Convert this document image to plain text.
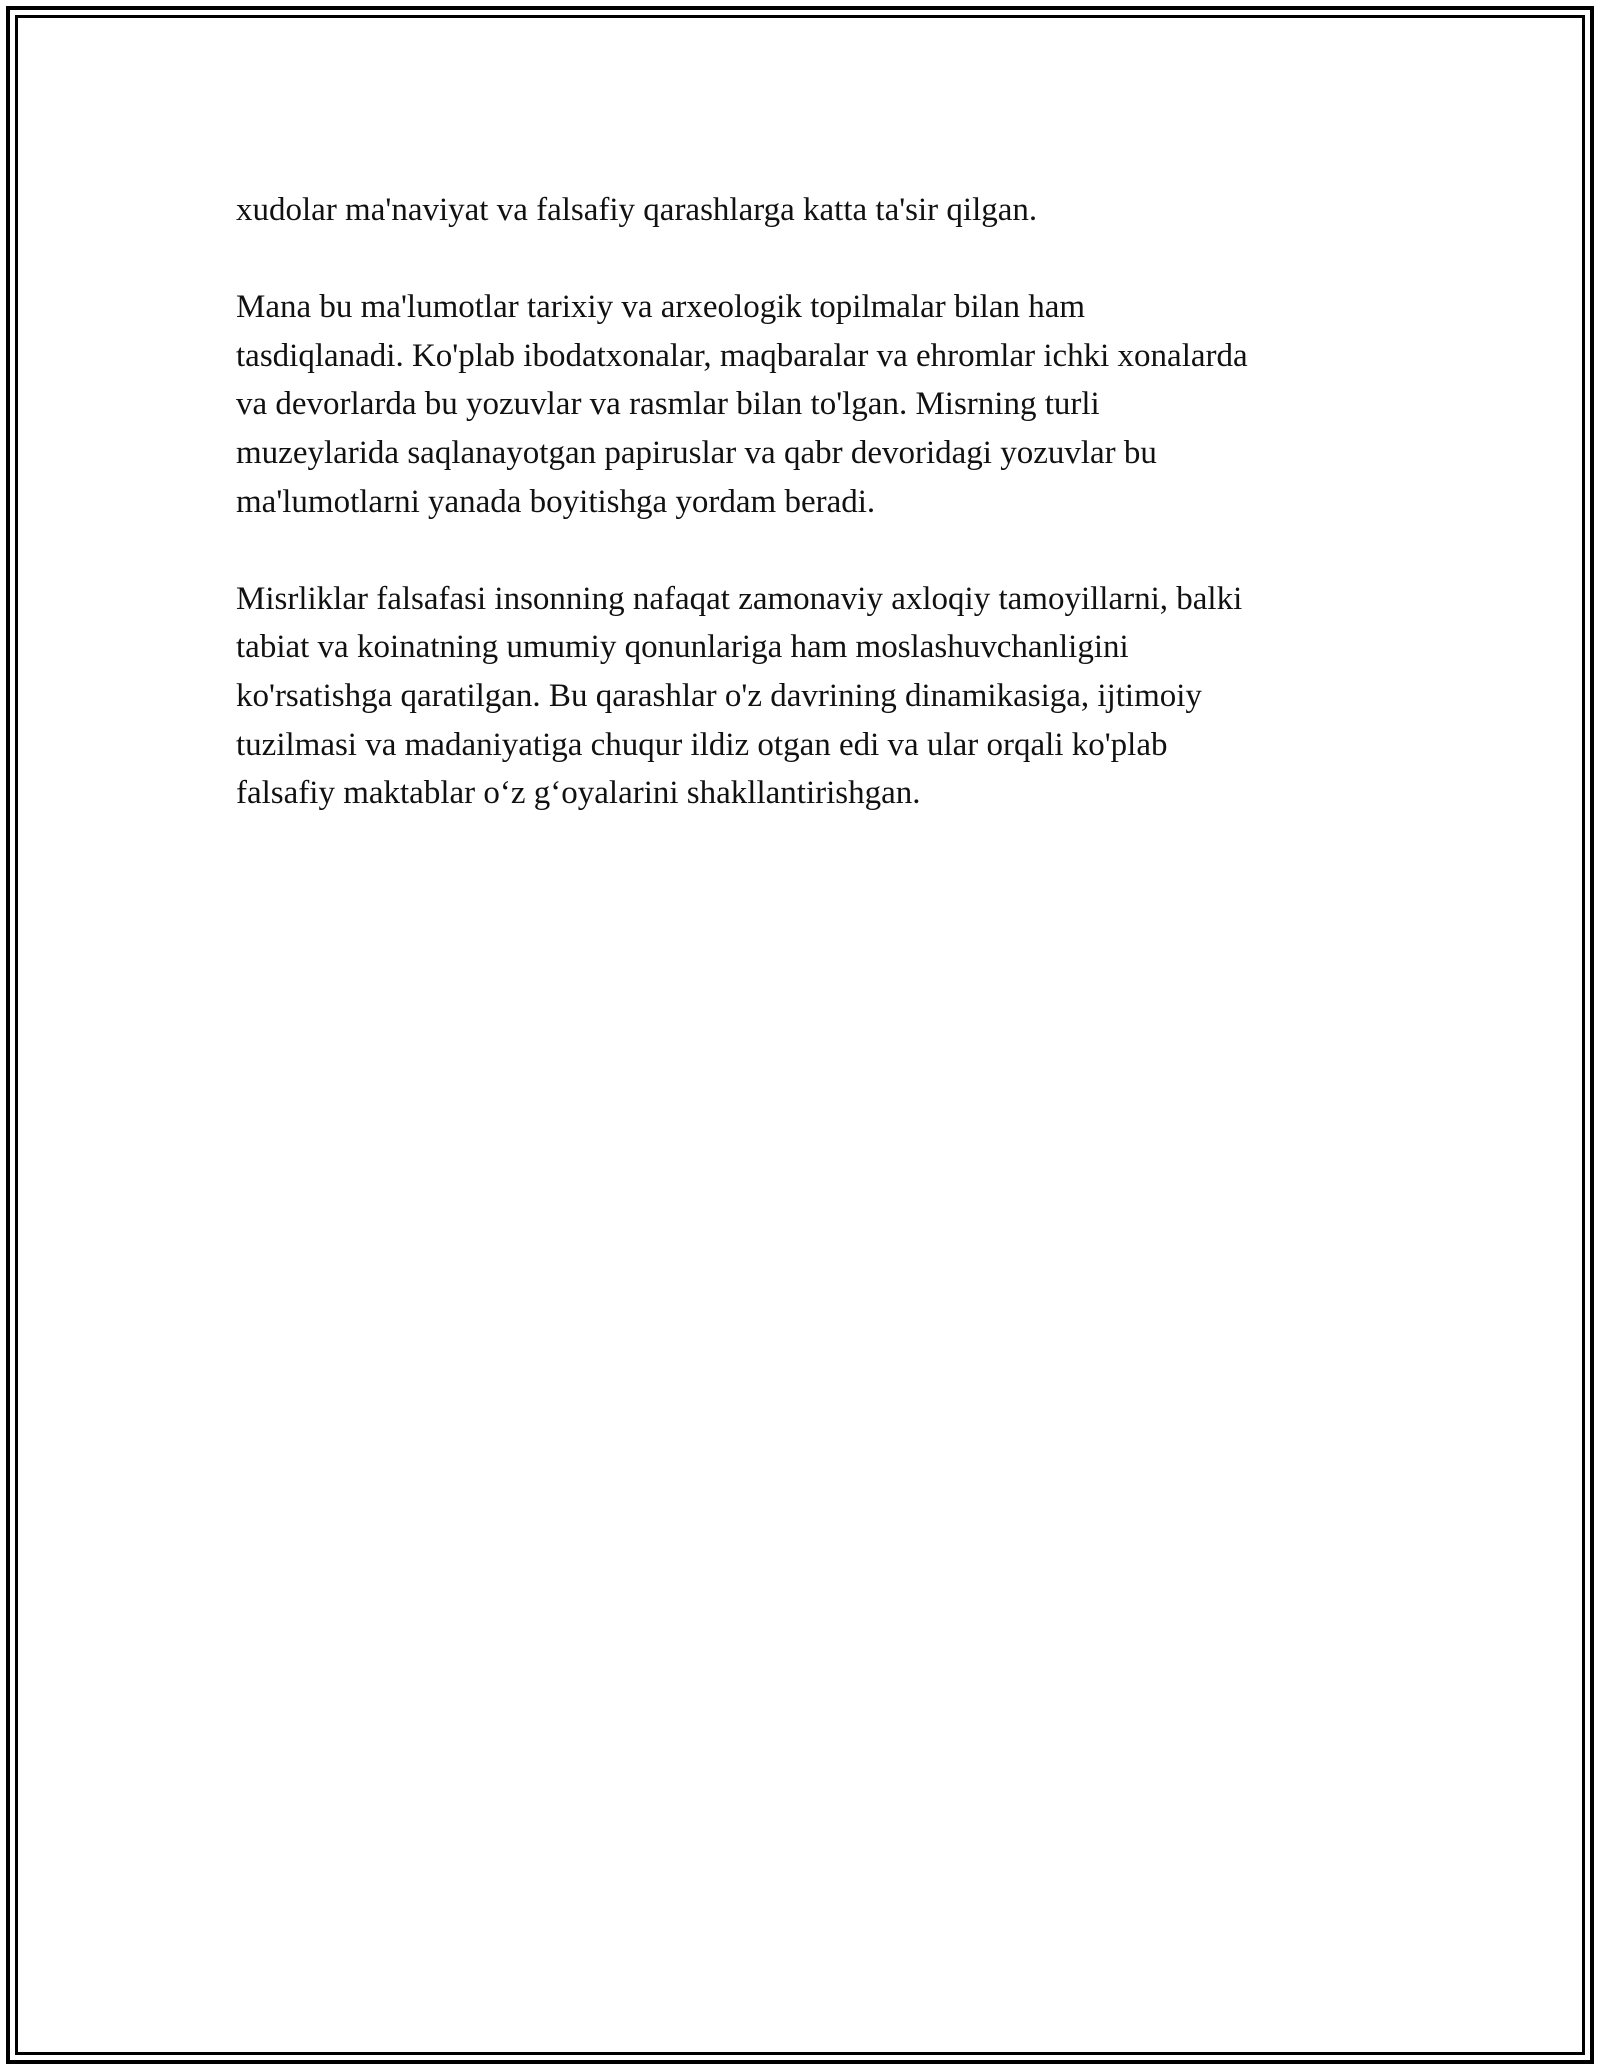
xudolar ma'naviyat va falsafiy qarashlarga katta ta'sir qilgan.

Mana bu ma'lumotlar tarixiy va arxeologik topilmalar bilan ham
tasdiqlanadi. Ko'plab ibodatxonalar, maqbaralar va ehromlar ichki xonalarda
va devorlarda bu yozuvlar va rasmlar bilan to'lgan. Misrning turli
muzeylarida saqlanayotgan papiruslar va qabr devoridagi yozuvlar bu
ma'lumotlarni yanada boyitishga yordam beradi.

Misrliklar falsafasi insonning nafaqat zamonaviy axloqiy tamoyillarni, balki
tabiat va koinatning umumiy qonunlariga ham moslashuvchanligini
ko'rsatishga qaratilgan. Bu qarashlar o'z davrining dinamikasiga, ijtimoiy
tuzilmasi va madaniyatiga chuqur ildiz otgan edi va ular orqali ko'plab
falsafiy maktablar o‘z g‘oyalarini shakllantirishgan.
